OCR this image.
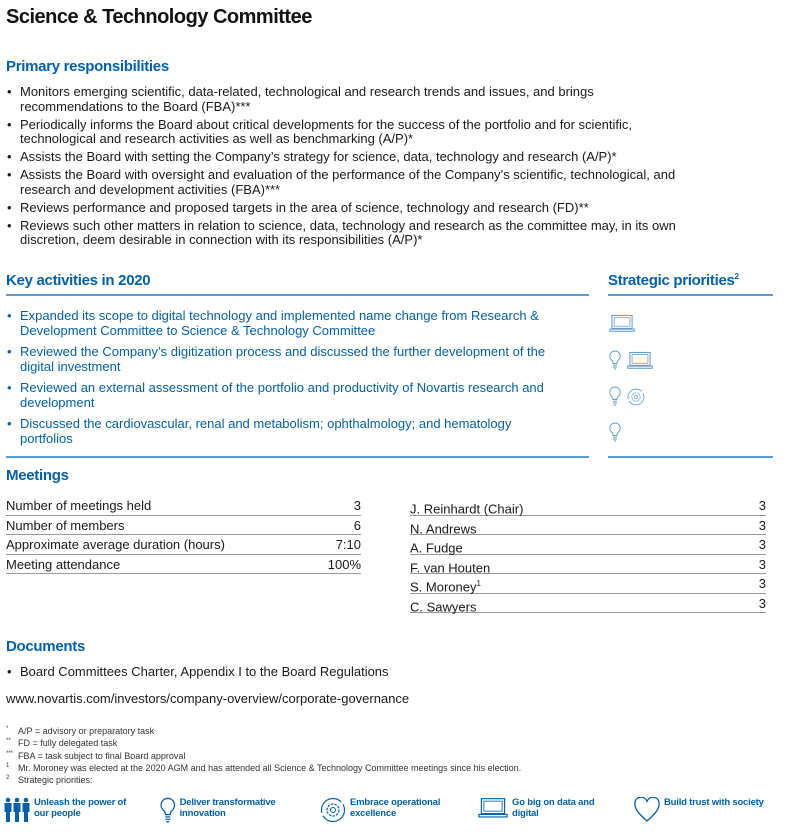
Science & Technology Committee
Primary responsibilities
• Monitors emerging scientific, data-related, technological and research trends and issues, and brings recommendations to the Board (FBA)***
• Periodically informs the Board about critical developments for the success of the portfolio and for scientific, technological and research activities as well as benchmarking (A/P)*
• Assists the Board with setting the Company’s strategy for science, data, technology and research (A/P)*
• Assists the Board with oversight and evaluation of the performance of the Company’s scientific, technological, and research and development activities (FBA)***
• Reviews performance and proposed targets in the area of science, technology and research (FD)**
• Reviews such other matters in relation to science, data, technology and research as the committee may, in its own discretion, deem desirable in connection with its responsibilities (A/P)*
Key activities in 2020	Strategic priorities$^2$
• Expanded its scope to digital technology and implemented name change from Research & Development Committee to Science & Technology Committee
• Reviewed the Company’s digitization process and discussed the further development of the digital investment
• Reviewed an external assessment of the portfolio and productivity of Novartis research and development
• Discussed the cardiovascular, renal and metabolism; ophthalmology; and hematology portfolios
Meetings
Number of meetings held	3
Number of members	6
Approximate average duration (hours)	7:10
Meeting attendance	100%
J. Reinhardt (Chair)	3
N. Andrews	3
A. Fudge	3
F. van Houten	3
S. Moroney$^1$	3
C. Sawyers	3
Documents
• Board Committees Charter, Appendix I to the Board Regulations
www.novartis.com/investors/company-overview/corporate-governance
* A/P = advisory or preparatory task
** FD = fully delegated task
*** FBA = task subject to final Board approval
1 Mr. Moroney was elected at the 2020 AGM and has attended all Science & Technology Committee meetings since his election.
2 Strategic priorities:
Unleash the power of our people
Deliver transformative innovation
Embrace operational excellence
Go big on data and digital
Build trust with society
